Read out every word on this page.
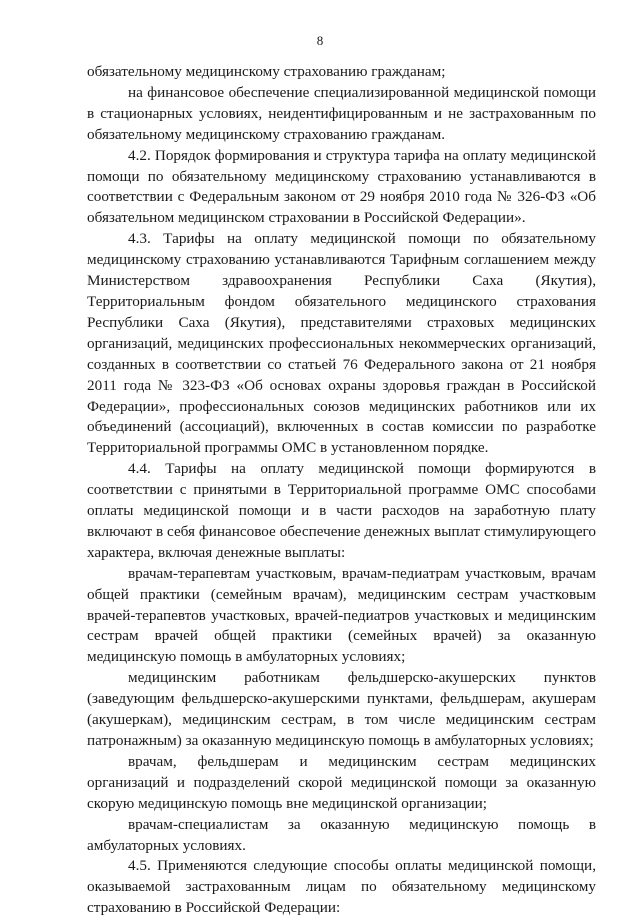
8

обязательному медицинскому страхованию гражданам;

на финансовое обеспечение специализированной медицинской помощи в стационарных условиях, неидентифицированным и не застрахованным по обязательному медицинскому страхованию гражданам.

4.2. Порядок формирования и структура тарифа на оплату медицинской помощи по обязательному медицинскому страхованию устанавливаются в соответствии с Федеральным законом от 29 ноября 2010 года № 326-ФЗ «Об обязательном медицинском страховании в Российской Федерации».

4.3. Тарифы на оплату медицинской помощи по обязательному медицинскому страхованию устанавливаются Тарифным соглашением между Министерством здравоохранения Республики Саха (Якутия), Территориальным фондом обязательного медицинского страхования Республики Саха (Якутия), представителями страховых медицинских организаций, медицинских профессиональных некоммерческих организаций, созданных в соответствии со статьей 76 Федерального закона от 21 ноября 2011 года № 323-ФЗ «Об основах охраны здоровья граждан в Российской Федерации», профессиональных союзов медицинских работников или их объединений (ассоциаций), включенных в состав комиссии по разработке Территориальной программы ОМС в установленном порядке.

4.4. Тарифы на оплату медицинской помощи формируются в соответствии с принятыми в Территориальной программе ОМС способами оплаты медицинской помощи и в части расходов на заработную плату включают в себя финансовое обеспечение денежных выплат стимулирующего характера, включая денежные выплаты:

врачам-терапевтам участковым, врачам-педиатрам участковым, врачам общей практики (семейным врачам), медицинским сестрам участковым врачей-терапевтов участковых, врачей-педиатров участковых и медицинским сестрам врачей общей практики (семейных врачей) за оказанную медицинскую помощь в амбулаторных условиях;

медицинским работникам фельдшерско-акушерских пунктов (заведующим фельдшерско-акушерскими пунктами, фельдшерам, акушерам (акушеркам), медицинским сестрам, в том числе медицинским сестрам патронажным) за оказанную медицинскую помощь в амбулаторных условиях;

врачам, фельдшерам и медицинским сестрам медицинских организаций и подразделений скорой медицинской помощи за оказанную скорую медицинскую помощь вне медицинской организации;

врачам-специалистам за оказанную медицинскую помощь в амбулаторных условиях.

4.5. Применяются следующие способы оплаты медицинской помощи, оказываемой застрахованным лицам по обязательному медицинскому страхованию в Российской Федерации:
